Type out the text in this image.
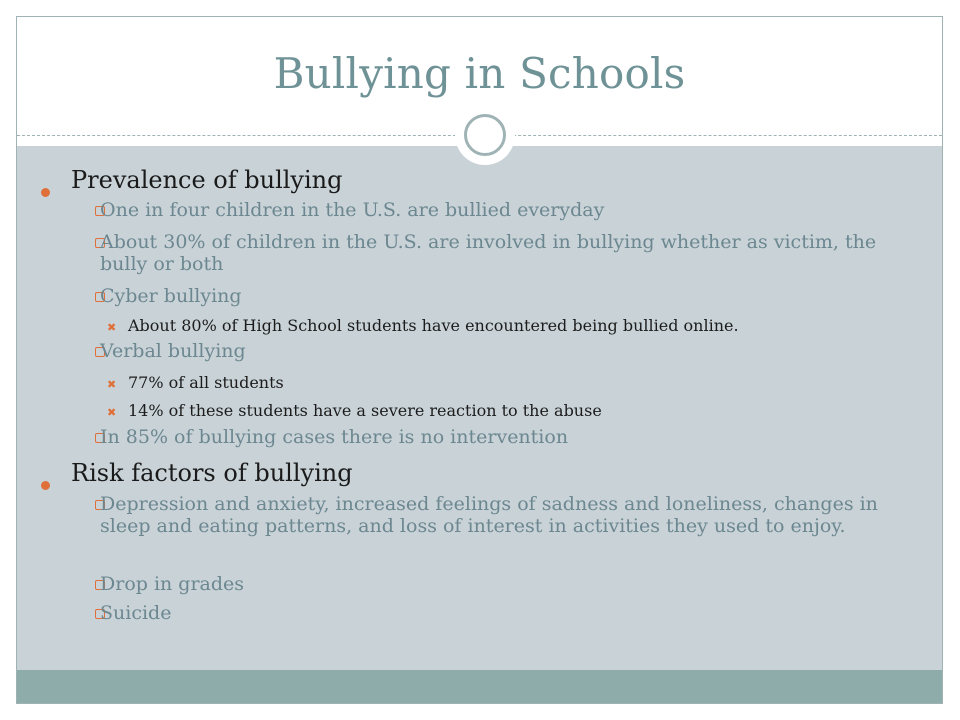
Bullying in Schools

Prevalence of bullying

One in four children in the U.S. are bullied everyday

About 30% of children in the U.S. are involved in bullying whether as victim, the bully or both

Cyber bullying

✖ About 80% of High School students have encountered being bullied online.

Verbal bullying

✖ 77% of all students

✖ 14% of these students have a severe reaction to the abuse

In 85% of bullying cases there is no intervention

Risk factors of bullying

Depression and anxiety, increased feelings of sadness and loneliness, changes in sleep and eating patterns, and loss of interest in activities they used to enjoy.

Drop in grades

Suicide
